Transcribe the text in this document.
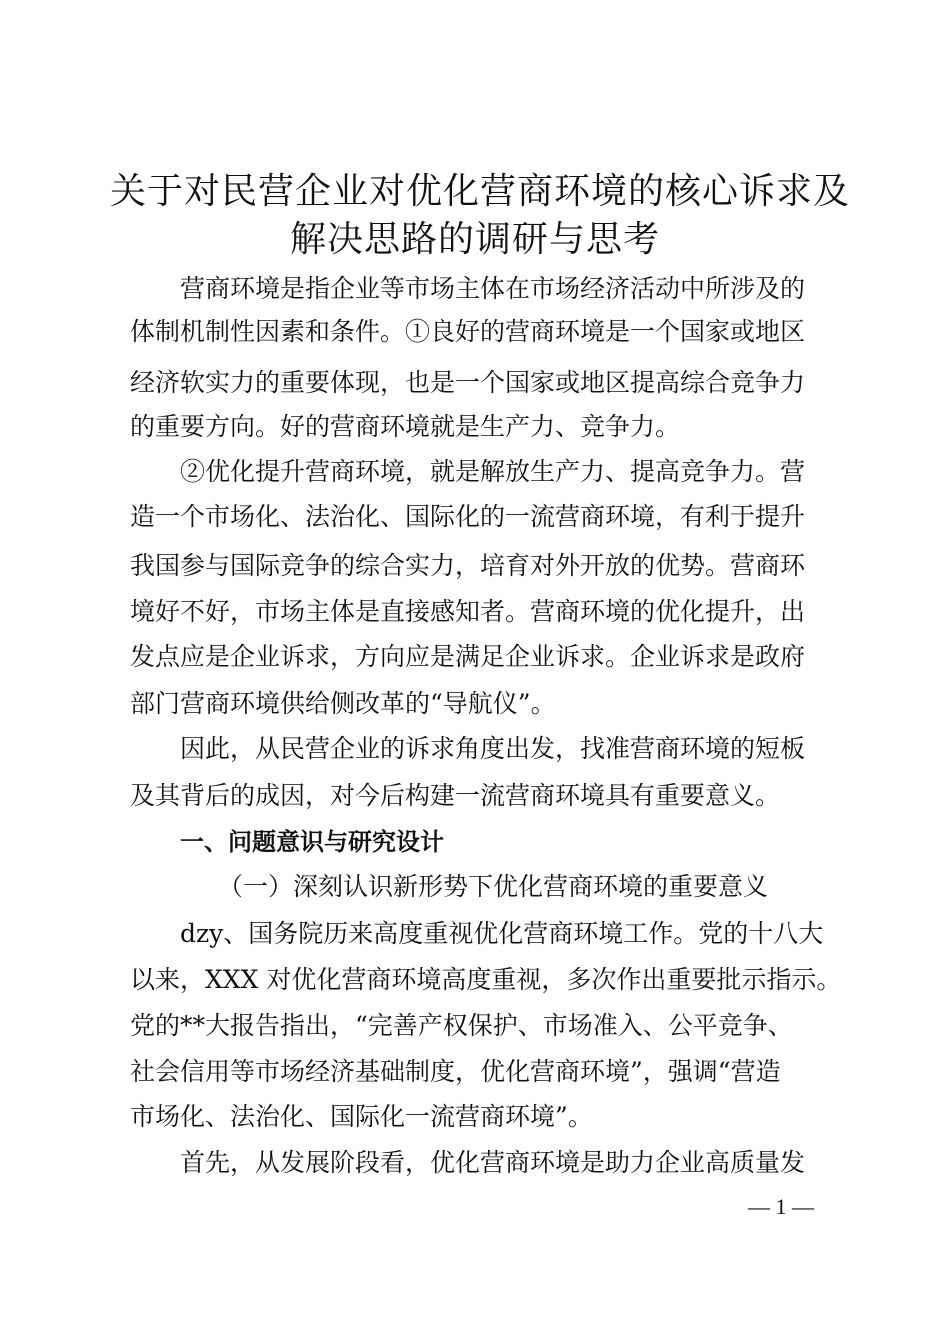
关于对民营企业对优化营商环境的核心诉求及
解决思路的调研与思考
营商环境是指企业等市场主体在市场经济活动中所涉及的
体制机制性因素和条件。①良好的营商环境是一个国家或地区
经济软实力的重要体现，也是一个国家或地区提高综合竞争力
的重要方向。好的营商环境就是生产力、竞争力。
②优化提升营商环境，就是解放生产力、提高竞争力。营
造一个市场化、法治化、国际化的一流营商环境，有利于提升
我国参与国际竞争的综合实力，培育对外开放的优势。营商环
境好不好，市场主体是直接感知者。营商环境的优化提升，出
发点应是企业诉求，方向应是满足企业诉求。企业诉求是政府
部门营商环境供给侧改革的“导航仪”。
因此，从民营企业的诉求角度出发，找准营商环境的短板
及其背后的成因，对今后构建一流营商环境具有重要意义。
一、问题意识与研究设计
（一）深刻认识新形势下优化营商环境的重要意义
dzy、国务院历来高度重视优化营商环境工作。党的十八大
以来，XXX 对优化营商环境高度重视，多次作出重要批示指示。
党的**大报告指出，“完善产权保护、市场准入、公平竞争、
社会信用等市场经济基础制度，优化营商环境”，强调“营造
市场化、法治化、国际化一流营商环境”。
首先，从发展阶段看，优化营商环境是助力企业高质量发
— 1 —
